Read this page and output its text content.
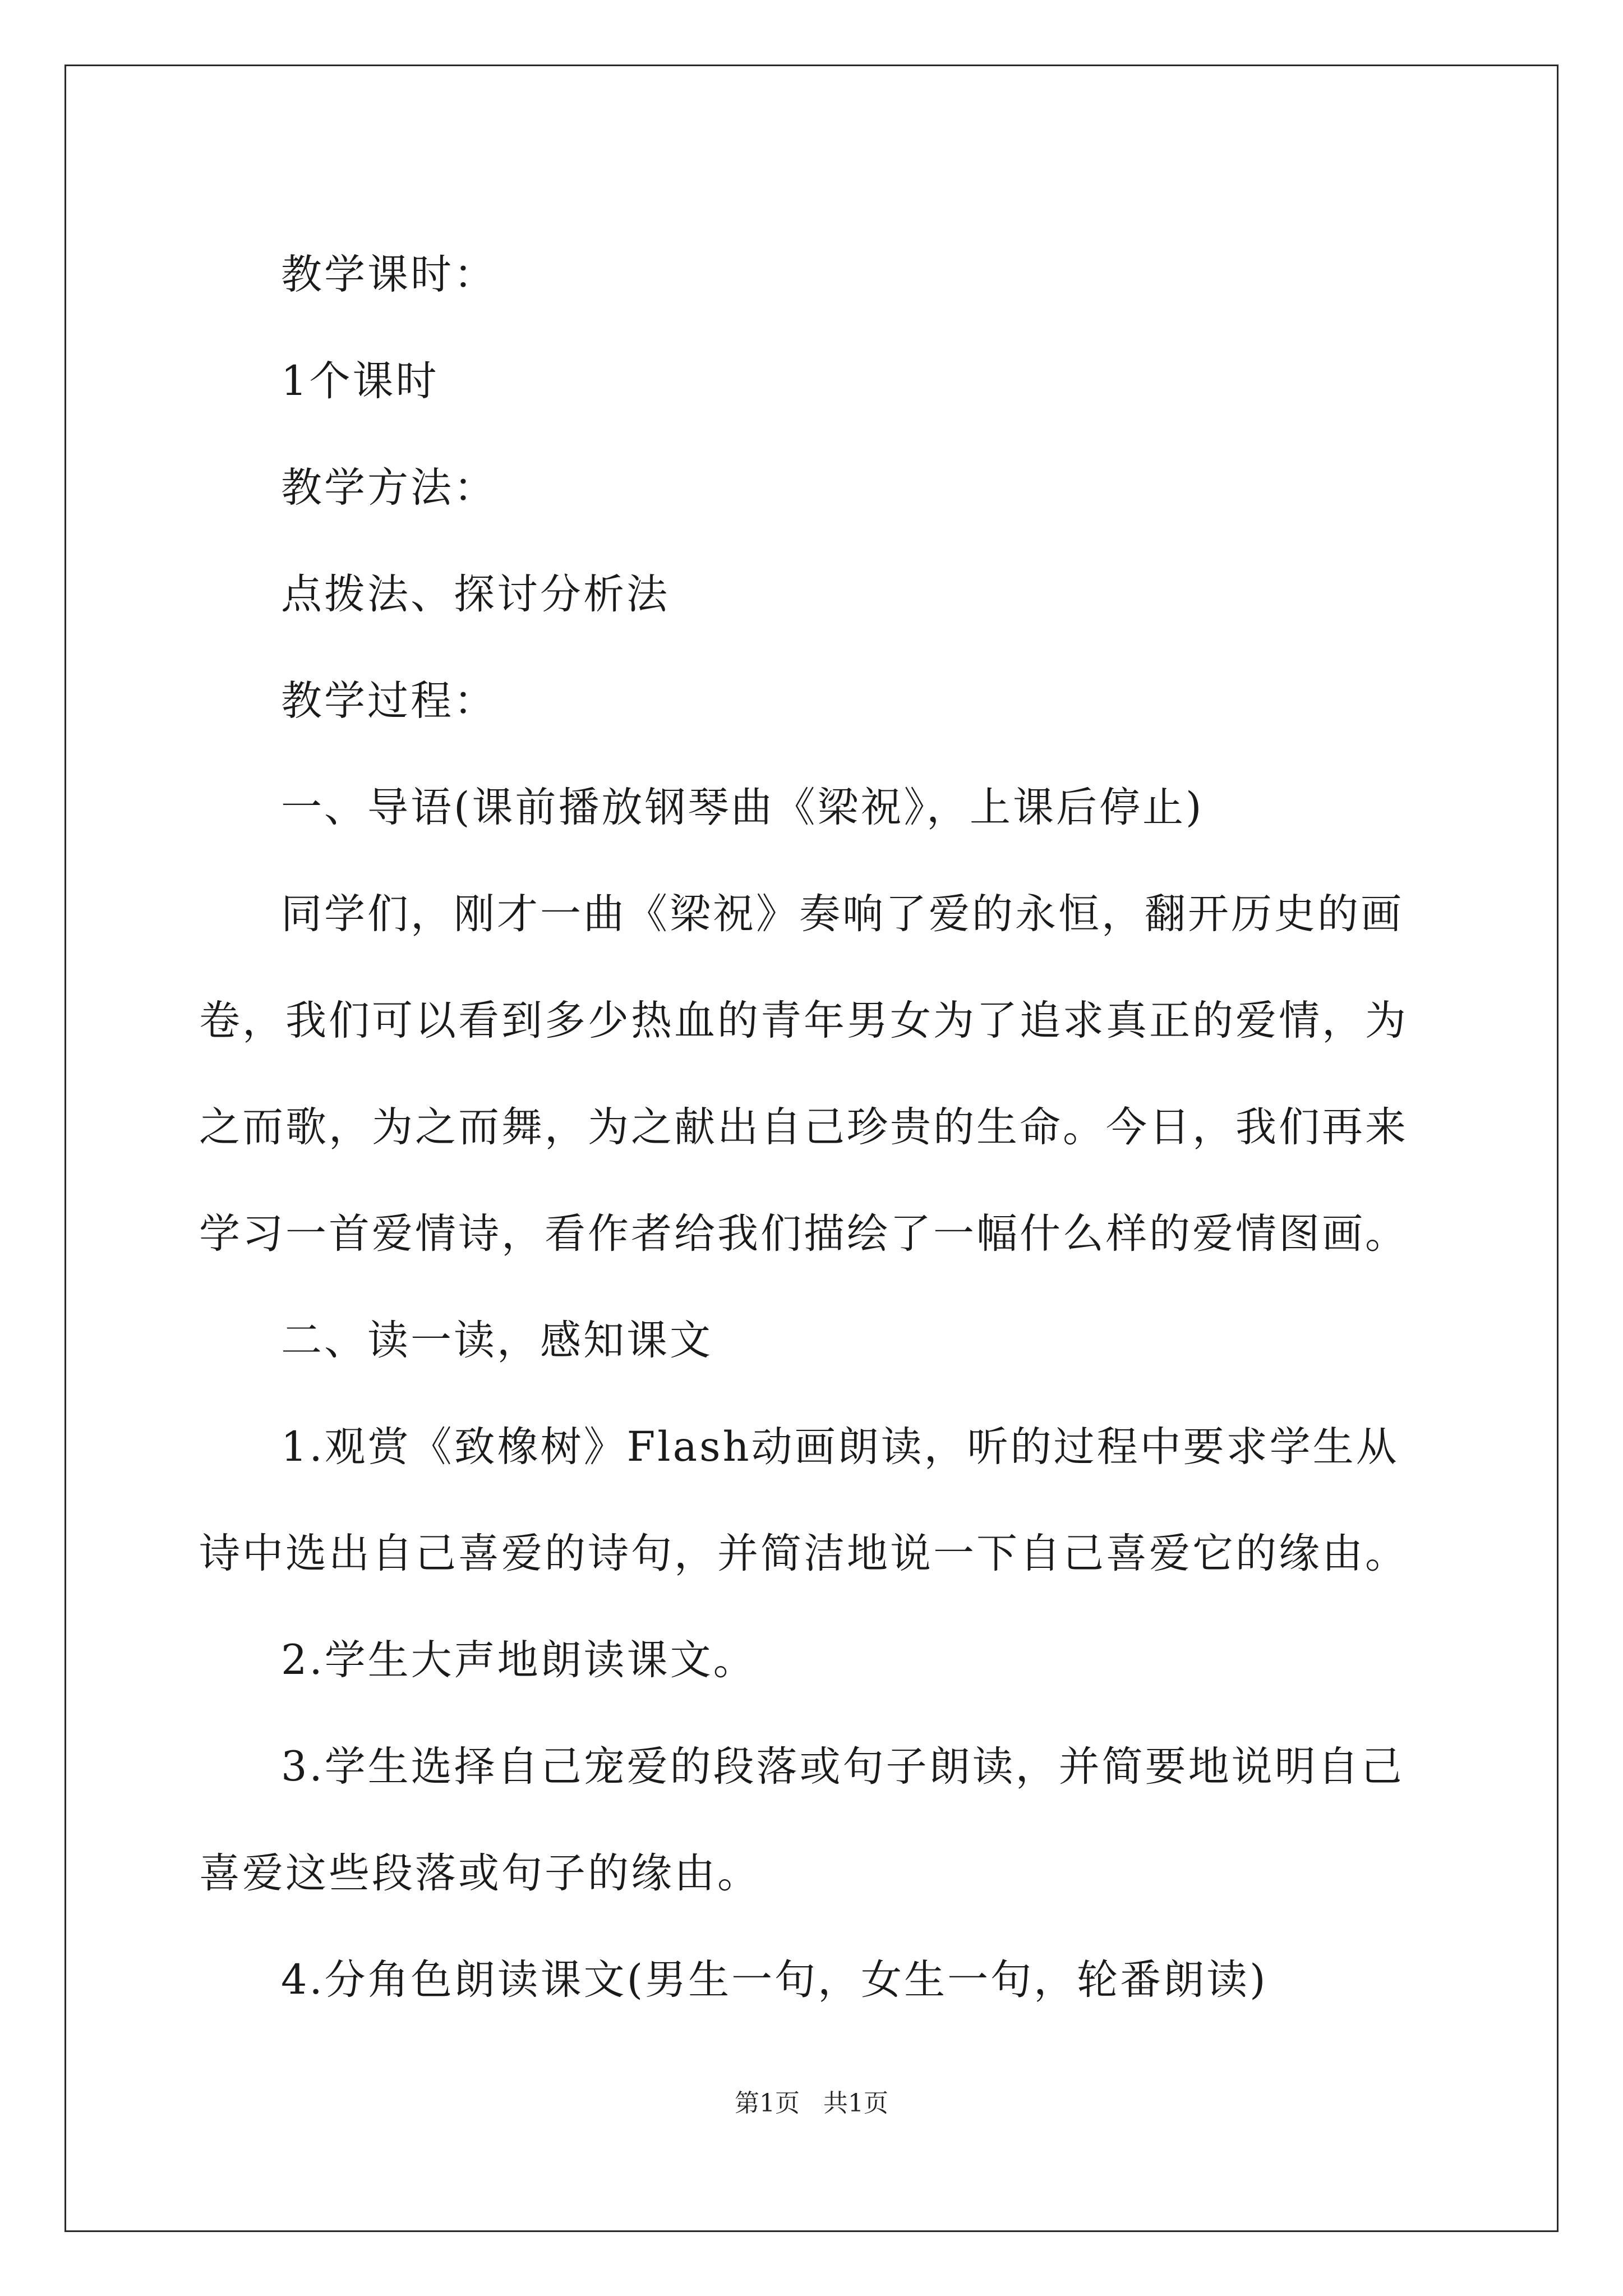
教学课时：

1个课时

教学方法：

点拨法、探讨分析法

教学过程：

一、导语(课前播放钢琴曲《梁祝》，上课后停止)

同学们，刚才一曲《梁祝》奏响了爱的永恒，翻开历史的画卷，我们可以看到多少热血的青年男女为了追求真正的爱情，为之而歌，为之而舞，为之献出自己珍贵的生命。今日，我们再来学习一首爱情诗，看作者给我们描绘了一幅什么样的爱情图画。

二、读一读，感知课文

1.观赏《致橡树》Flash动画朗读，听的过程中要求学生从诗中选出自己喜爱的诗句，并简洁地说一下自己喜爱它的缘由。

2.学生大声地朗读课文。

3.学生选择自己宠爱的段落或句子朗读，并简要地说明自己喜爱这些段落或句子的缘由。

4.分角色朗读课文(男生一句，女生一句，轮番朗读)

第1页 共1页
